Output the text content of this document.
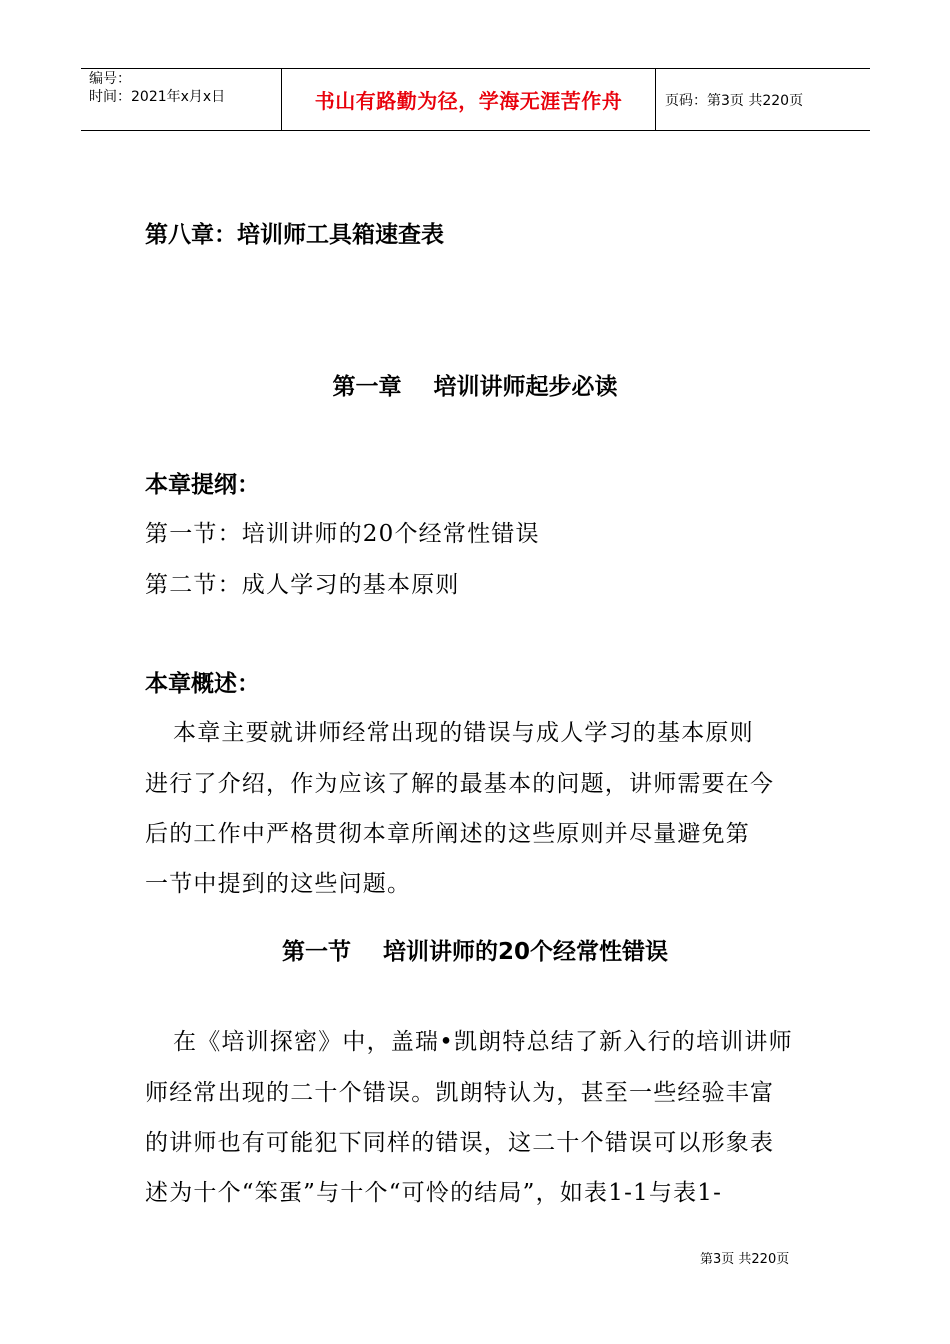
编号：
时间：2021年x月x日	书山有路勤为径，学海无涯苦作舟	页码：第3页 共220页
第八章：培训师工具箱速查表
第一章    培训讲师起步必读
本章提纲：
第一节：培训讲师的20个经常性错误
第二节：成人学习的基本原则
本章概述：
本章主要就讲师经常出现的错误与成人学习的基本原则
进行了介绍，作为应该了解的最基本的问题，讲师需要在今
后的工作中严格贯彻本章所阐述的这些原则并尽量避免第
一节中提到的这些问题。
第一节    培训讲师的20个经常性错误
在《培训探密》中，盖瑞•凯朗特总结了新入行的培训讲师
师经常出现的二十个错误。凯朗特认为，甚至一些经验丰富
的讲师也有可能犯下同样的错误，这二十个错误可以形象表
述为十个“笨蛋”与十个“可怜的结局”，如表1-1与表1-
第3页 共220页
